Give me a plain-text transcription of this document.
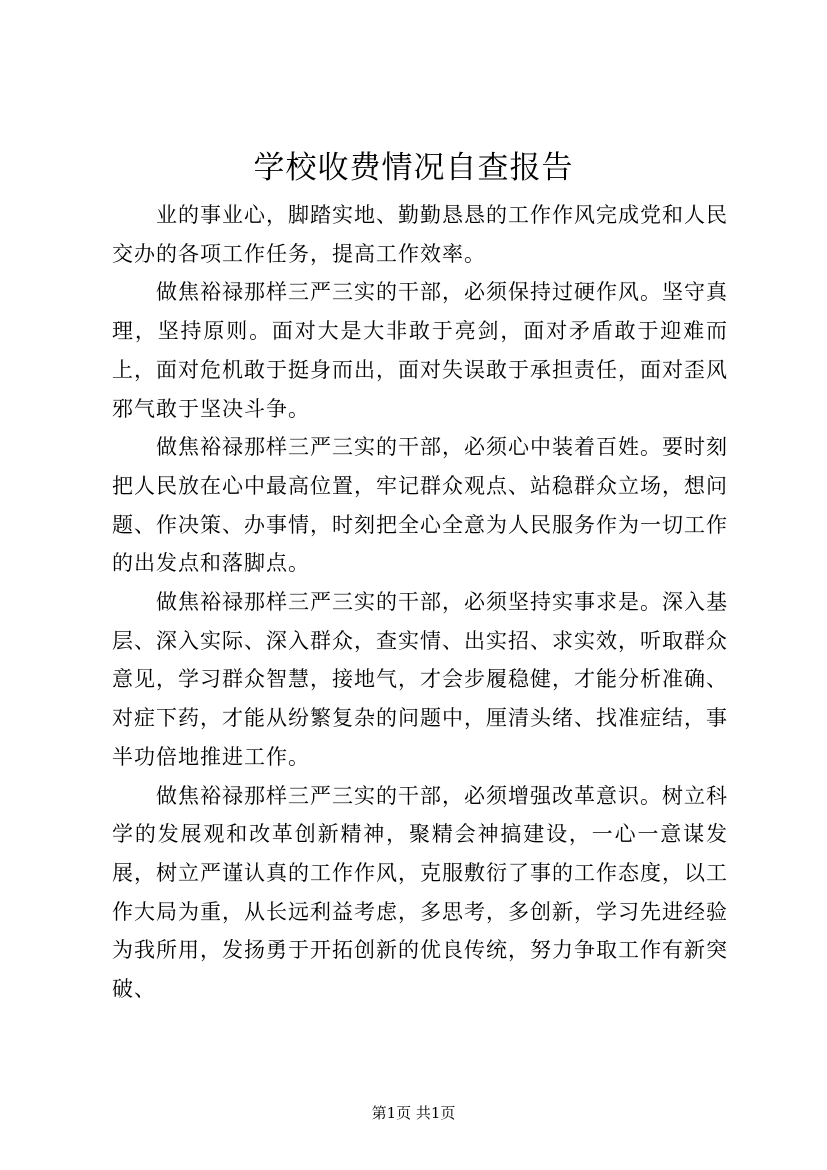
学校收费情况自查报告

业的事业心，脚踏实地、勤勤恳恳的工作作风完成党和人民交办的各项工作任务，提高工作效率。

做焦裕禄那样三严三实的干部，必须保持过硬作风。坚守真理，坚持原则。面对大是大非敢于亮剑，面对矛盾敢于迎难而上，面对危机敢于挺身而出，面对失误敢于承担责任，面对歪风邪气敢于坚决斗争。

做焦裕禄那样三严三实的干部，必须心中装着百姓。要时刻把人民放在心中最高位置，牢记群众观点、站稳群众立场，想问题、作决策、办事情，时刻把全心全意为人民服务作为一切工作的出发点和落脚点。

做焦裕禄那样三严三实的干部，必须坚持实事求是。深入基层、深入实际、深入群众，查实情、出实招、求实效，听取群众意见，学习群众智慧，接地气，才会步履稳健，才能分析准确、对症下药，才能从纷繁复杂的问题中，厘清头绪、找准症结，事半功倍地推进工作。

做焦裕禄那样三严三实的干部，必须增强改革意识。树立科学的发展观和改革创新精神，聚精会神搞建设，一心一意谋发展，树立严谨认真的工作作风，克服敷衍了事的工作态度，以工作大局为重，从长远利益考虑，多思考，多创新，学习先进经验为我所用，发扬勇于开拓创新的优良传统，努力争取工作有新突破、

第1页 共1页
